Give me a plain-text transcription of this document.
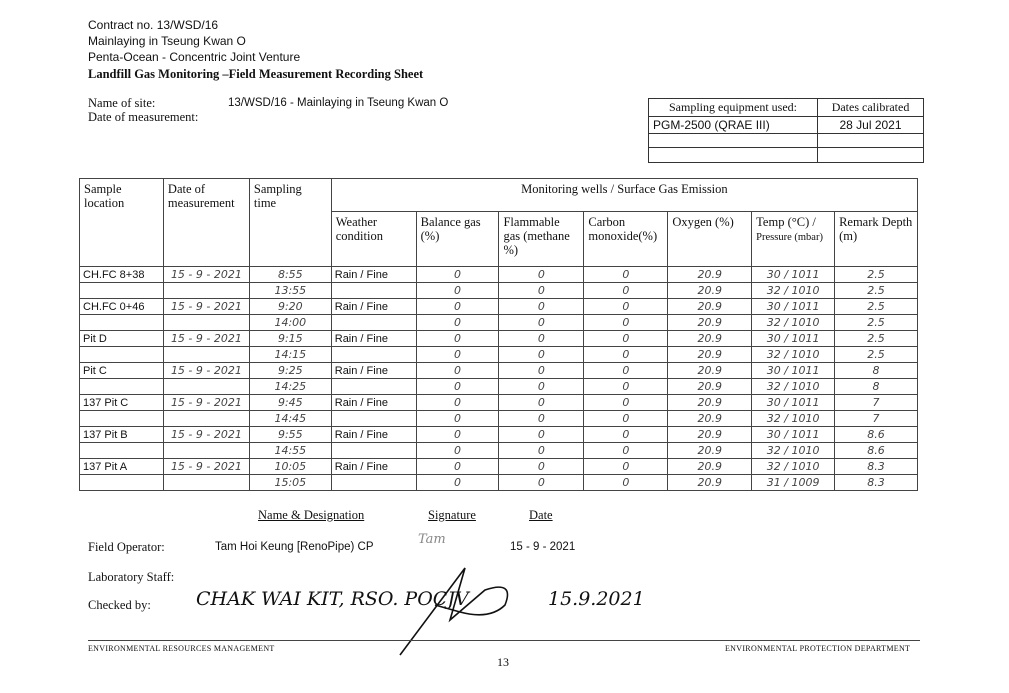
Contract no. 13/WSD/16
Mainlaying in Tseung Kwan O
Penta-Ocean - Concentric Joint Venture
Landfill Gas Monitoring –Field Measurement Recording Sheet
Name of site:	13/WSD/16 - Mainlaying in Tseung Kwan O
Date of measurement:
Sampling equipment used:	Dates calibrated
PGM-2500 (QRAE III)	28 Jul 2021

Sample location	Date of measurement	Sampling time	Monitoring wells / Surface Gas Emission						
			Weather condition	Balance gas (%)	Flammable gas (methane %)	Carbon monoxide(%)	Oxygen (%)	Temp (°C) /
Pressure (mbar)	Remark Depth (m)
CH.FC 8+38	15 - 9 - 2021	8:55	Rain / Fine	0	0	0	20.9	30 / 1011	2.5
		13:55		0	0	0	20.9	32 / 1010	2.5
CH.FC 0+46	15 - 9 - 2021	9:20	Rain / Fine	0	0	0	20.9	30 / 1011	2.5
		14:00		0	0	0	20.9	32 / 1010	2.5
Pit D	15 - 9 - 2021	9:15	Rain / Fine	0	0	0	20.9	30 / 1011	2.5
		14:15		0	0	0	20.9	32 / 1010	2.5
Pit C	15 - 9 - 2021	9:25	Rain / Fine	0	0	0	20.9	30 / 1011	8
		14:25		0	0	0	20.9	32 / 1010	8
137 Pit C	15 - 9 - 2021	9:45	Rain / Fine	0	0	0	20.9	30 / 1011	7
		14:45		0	0	0	20.9	32 / 1010	7
137 Pit B	15 - 9 - 2021	9:55	Rain / Fine	0	0	0	20.9	30 / 1011	8.6
		14:55		0	0	0	20.9	32 / 1010	8.6
137 Pit A	15 - 9 - 2021	10:05	Rain / Fine	0	0	0	20.9	32 / 1010	8.3
		15:05		0	0	0	20.9	31 / 1009	8.3
Name & Designation	Signature	Date
Field Operator:	Tam Hoi Keung [RenoPipe) CP	Tam	15 - 9 - 2021
Laboratory Staff:
Checked by: CHAK WAI KIT, RSO. POCJV	15.9.2021
ENVIRONMENTAL RESOURCES MANAGEMENT	ENVIRONMENTAL PROTECTION DEPARTMENT
13
